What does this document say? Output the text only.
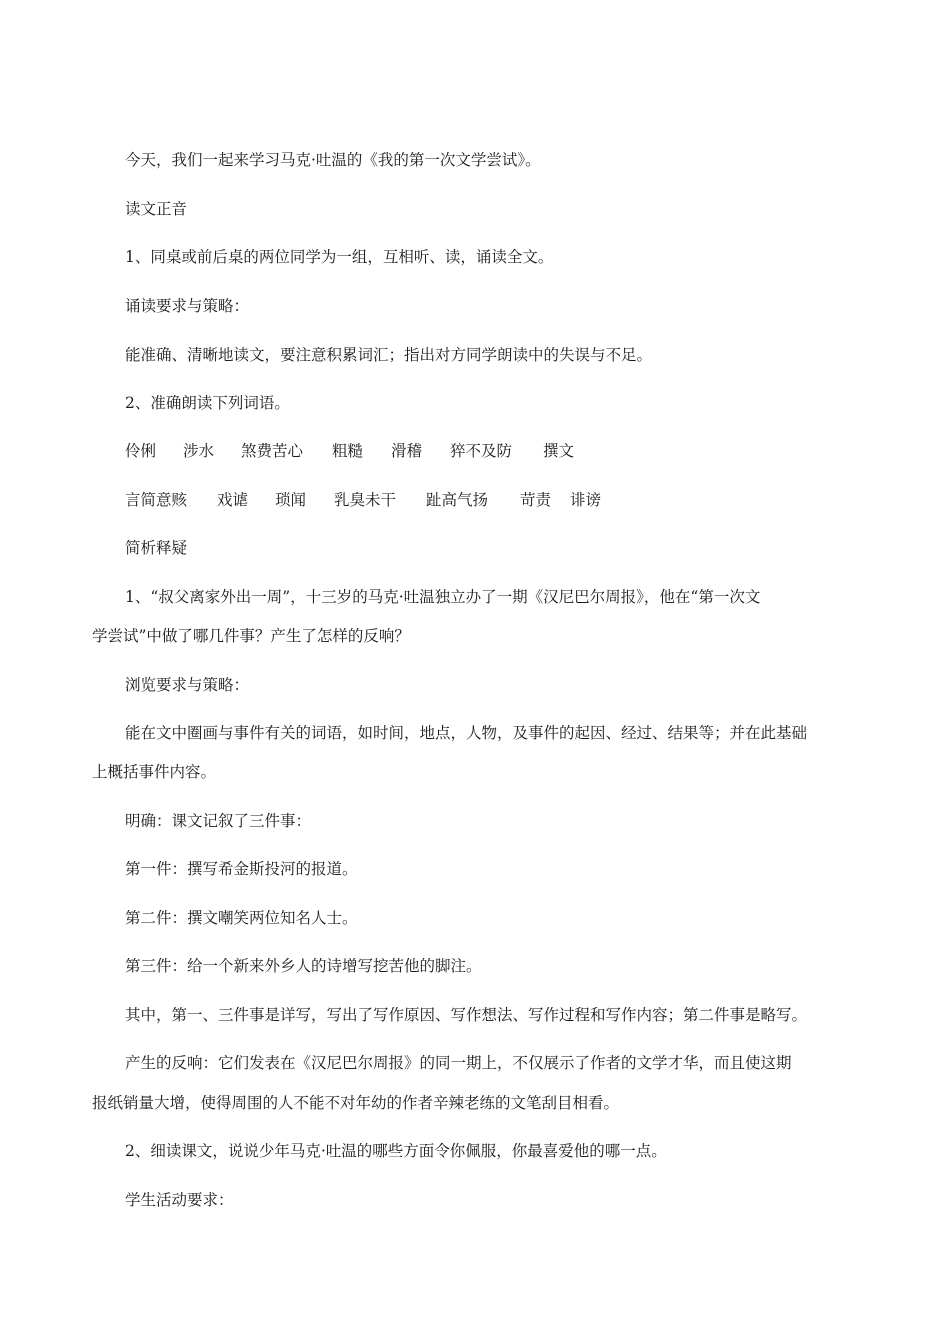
今天，我们一起来学习马克·吐温的《我的第一次文学尝试》。
读文正音
1、同桌或前后桌的两位同学为一组，互相听、读，诵读全文。
诵读要求与策略：
能准确、清晰地读文，要注意积累词汇；指出对方同学朗读中的失误与不足。
2、准确朗读下列词语。
伶俐 涉水 煞费苦心 粗糙 滑稽 猝不及防 撰文
言简意赅 戏谑 琐闻 乳臭未干 趾高气扬 苛责 诽谤
简析释疑
1、“叔父离家外出一周”，十三岁的马克·吐温独立办了一期《汉尼巴尔周报》，他在“第一次文
学尝试”中做了哪几件事？产生了怎样的反响？
浏览要求与策略：
能在文中圈画与事件有关的词语，如时间，地点，人物，及事件的起因、经过、结果等；并在此基础
上概括事件内容。
明确：课文记叙了三件事：
第一件：撰写希金斯投河的报道。
第二件：撰文嘲笑两位知名人士。
第三件：给一个新来外乡人的诗增写挖苦他的脚注。
其中，第一、三件事是详写，写出了写作原因、写作想法、写作过程和写作内容；第二件事是略写。
产生的反响：它们发表在《汉尼巴尔周报》的同一期上，不仅展示了作者的文学才华，而且使这期
报纸销量大增，使得周围的人不能不对年幼的作者辛辣老练的文笔刮目相看。
2、细读课文，说说少年马克·吐温的哪些方面令你佩服，你最喜爱他的哪一点。
学生活动要求：
